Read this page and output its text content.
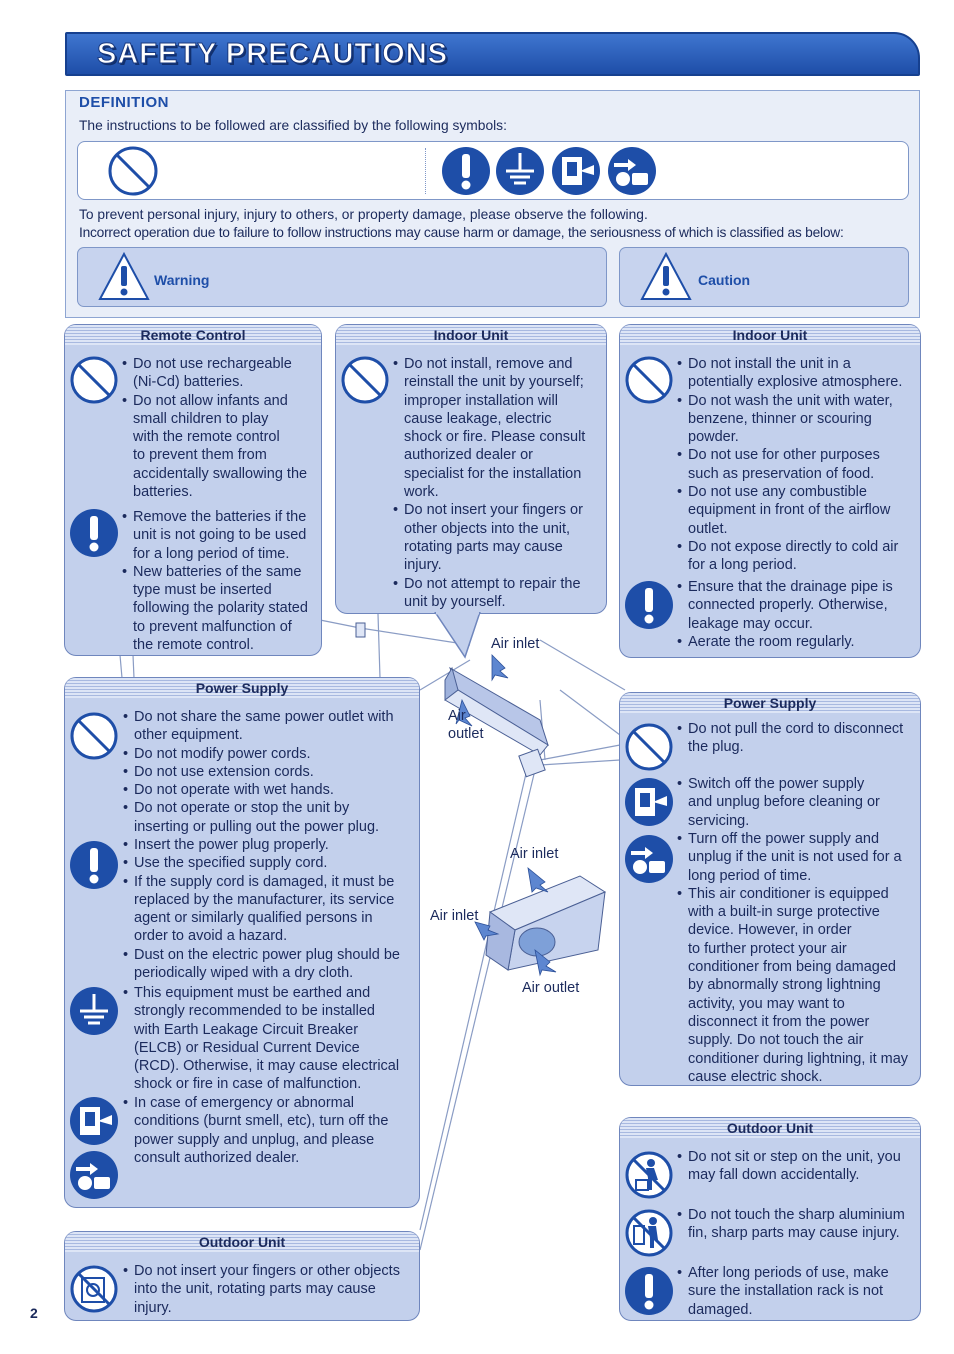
SAFETY PRECAUTIONS
DEFINITION
The instructions to be followed are classified by the following symbols:
To prevent personal injury, injury to others, or property damage, please observe the following.
Incorrect operation due to failure to follow instructions may cause harm or damage, the seriousness of which is classified as below:
Warning	Caution
Remote Control
• Do not use rechargeable
(Ni-Cd) batteries.
• Do not allow infants and
small children to play
with the remote control
to prevent them from
accidentally swallowing the
batteries.
• Remove the batteries if the
unit is not going to be used
for a long period of time.
• New batteries of the same
type must be inserted
following the polarity stated
to prevent malfunction of
the remote control.
Indoor Unit
• Do not install, remove and
reinstall the unit by yourself;
improper installation will
cause leakage, electric
shock or fire. Please consult
authorized dealer or
specialist for the installation
work.
• Do not insert your fingers or
other objects into the unit,
rotating parts may cause
injury.
• Do not attempt to repair the
unit by yourself.
Indoor Unit
• Do not install the unit in a
potentially explosive atmosphere.
• Do not wash the unit with water,
benzene, thinner or scouring
powder.
• Do not use for other purposes
such as preservation of food.
• Do not use any combustible
equipment in front of the airflow
outlet.
• Do not expose directly to cold air
for a long period.
• Ensure that the drainage pipe is
connected properly. Otherwise,
leakage may occur.
• Aerate the room regularly.
Power Supply
• Do not share the same power outlet with
other equipment.
• Do not modify power cords.
• Do not use extension cords.
• Do not operate with wet hands.
• Do not operate or stop the unit by
inserting or pulling out the power plug.
• Insert the power plug properly.
• Use the specified supply cord.
• If the supply cord is damaged, it must be
replaced by the manufacturer, its service
agent or similarly qualified persons in
order to avoid a hazard.
• Dust on the electric power plug should be
periodically wiped with a dry cloth.
• This equipment must be earthed and
strongly recommended to be installed
with Earth Leakage Circuit Breaker
(ELCB) or Residual Current Device
(RCD). Otherwise, it may cause electrical
shock or fire in case of malfunction.
• In case of emergency or abnormal
conditions (burnt smell, etc), turn off the
power supply and unplug, and please
consult authorized dealer.
Power Supply
• Do not pull the cord to disconnect
the plug.
• Switch off the power supply
and unplug before cleaning or
servicing.
• Turn off the power supply and
unplug if the unit is not used for a
long period of time.
• This air conditioner is equipped
with a built-in surge protective
device. However, in order
to further protect your air
conditioner from being damaged
by abnormally strong lightning
activity, you may want to
disconnect it from the power
supply. Do not touch the air
conditioner during lightning, it may
cause electric shock.
Outdoor Unit
• Do not insert your fingers or other objects
into the unit, rotating parts may cause
injury.
Outdoor Unit
• Do not sit or step on the unit, you
may fall down accidentally.
• Do not touch the sharp aluminium
fin, sharp parts may cause injury.
• After long periods of use, make
sure the installation rack is not
damaged.
Air inlet
Air
outlet
Air inlet
Air inlet
Air outlet
2
